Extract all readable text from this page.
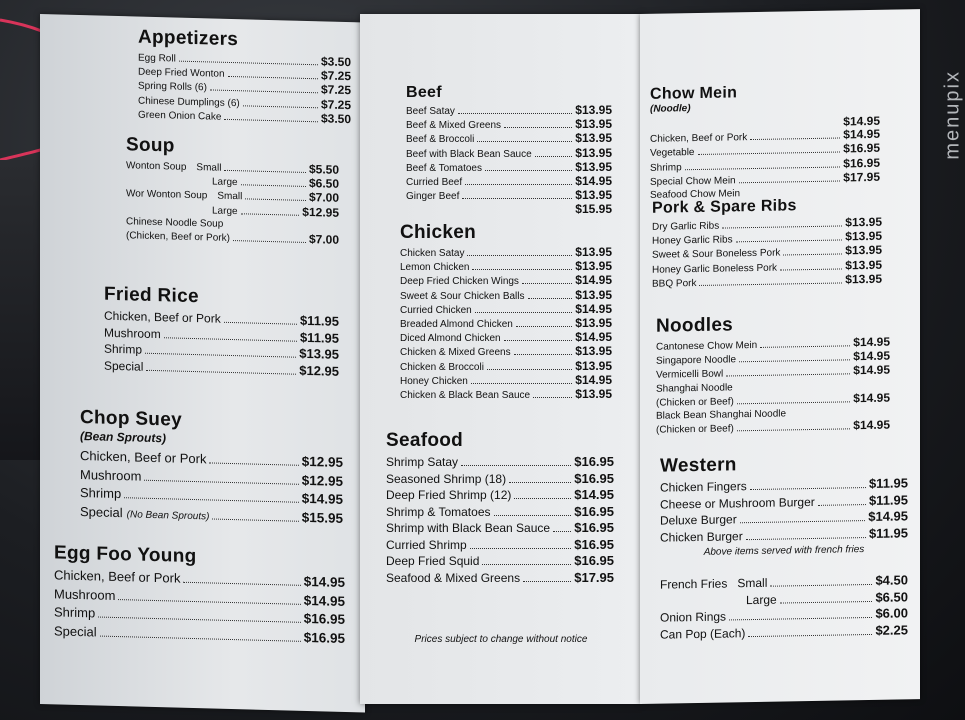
Appetizers
Egg Roll	$3.50
Deep Fried Wonton	$7.25
Spring Rolls (6)	$7.25
Chinese Dumplings (6)	$7.25
Green Onion Cake	$3.50
Soup
Wonton Soup Small	$5.50
Large	$6.50
Wor Wonton Soup Small	$7.00
Large	$12.95
Chinese Noodle Soup
(Chicken, Beef or Pork)	$7.00
Fried Rice
Chicken, Beef or Pork	$11.95
Mushroom	$11.95
Shrimp	$13.95
Special	$12.95
Chop Suey
(Bean Sprouts)
Chicken, Beef or Pork	$12.95
Mushroom	$12.95
Shrimp	$14.95
Special (No Bean Sprouts)	$15.95
Egg Foo Young
Chicken, Beef or Pork	$14.95
Mushroom	$14.95
Shrimp	$16.95
Special	$16.95
Beef
Beef Satay	$13.95
Beef & Mixed Greens	$13.95
Beef & Broccoli	$13.95
Beef with Black Bean Sauce	$13.95
Beef & Tomatoes	$13.95
Curried Beef	$14.95
Ginger Beef	$13.95
$15.95
Chicken
Chicken Satay	$13.95
Lemon Chicken	$13.95
Deep Fried Chicken Wings	$14.95
Sweet & Sour Chicken Balls	$13.95
Curried Chicken	$14.95
Breaded Almond Chicken	$13.95
Diced Almond Chicken	$14.95
Chicken & Mixed Greens	$13.95
Chicken & Broccoli	$13.95
Honey Chicken	$14.95
Chicken & Black Bean Sauce	$13.95
Seafood
Shrimp Satay	$16.95
Seasoned Shrimp (18)	$16.95
Deep Fried Shrimp (12)	$14.95
Shrimp & Tomatoes	$16.95
Shrimp with Black Bean Sauce $16.95
Curried Shrimp	$16.95
Deep Fried Squid	$16.95
Seafood & Mixed Greens	$17.95
Prices subject to change without notice
Chow Mein
(Noodle)
$14.95
Chicken, Beef or Pork	$14.95
Vegetable	$16.95
Shrimp	$16.95
Special Chow Mein	$17.95
Seafood Chow Mein
Pork & Spare Ribs
Dry Garlic Ribs	$13.95
Honey Garlic Ribs	$13.95
Sweet & Sour Boneless Pork	$13.95
Honey Garlic Boneless Pork	$13.95
BBQ Pork	$13.95
Noodles
Cantonese Chow Mein	$14.95
Singapore Noodle	$14.95
Vermicelli Bowl	$14.95
Shanghai Noodle
(Chicken or Beef)	$14.95
Black Bean Shanghai Noodle
(Chicken or Beef)	$14.95
Western
Chicken Fingers	$11.95
Cheese or Mushroom Burger	$11.95
Deluxe Burger	$14.95
Chicken Burger	$11.95
Above items served with french fries
French Fries Small	$4.50
Large	$6.50
Onion Rings	$6.00
Can Pop (Each)	$2.25
menupix
